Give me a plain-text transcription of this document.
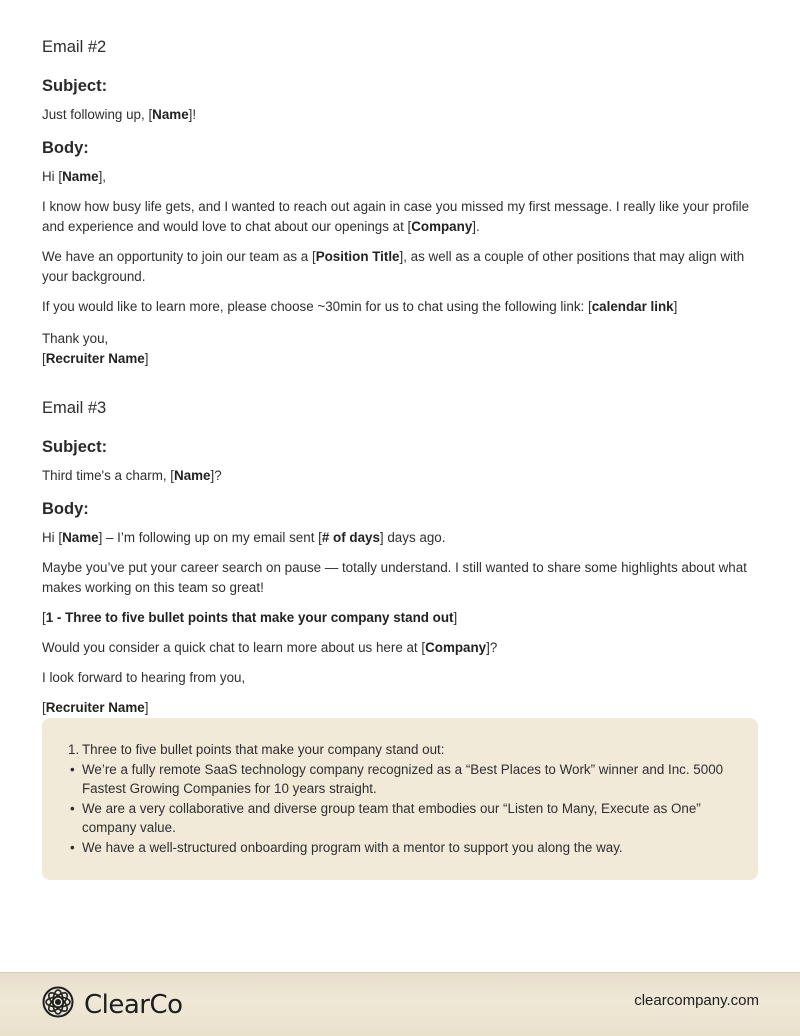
Email #2
Subject:

Just following up, [Name]!

Body:

Hi [Name],

I know how busy life gets, and I wanted to reach out again in case you missed my first message. I really like your profile and experience and would love to chat about our openings at [Company].

We have an opportunity to join our team as a [Position Title], as well as a couple of other positions that may align with your background.

If you would like to learn more, please choose ~30min for us to chat using the following link: [calendar link]

Thank you,

[Recruiter Name]

Email #3
Subject:

Third time's a charm, [Name]?

Body:

Hi [Name] – I’m following up on my email sent [# of days] days ago.

Maybe you’ve put your career search on pause — totally understand. I still wanted to share some highlights about what makes working on this team so great!

[1 - Three to five bullet points that make your company stand out]

Would you consider a quick chat to learn more about us here at [Company]?

I look forward to hearing from you,

[Recruiter Name]

1. Three to five bullet points that make your company stand out:
• We’re a fully remote SaaS technology company recognized as a “Best Places to Work” winner and Inc. 5000 Fastest Growing Companies for 10 years straight.
• We are a very collaborative and diverse group team that embodies our “Listen to Many, Execute as One” company value.
• We have a well-structured onboarding program with a mentor to support you along the way.
ClearCo	clearcompany.com
